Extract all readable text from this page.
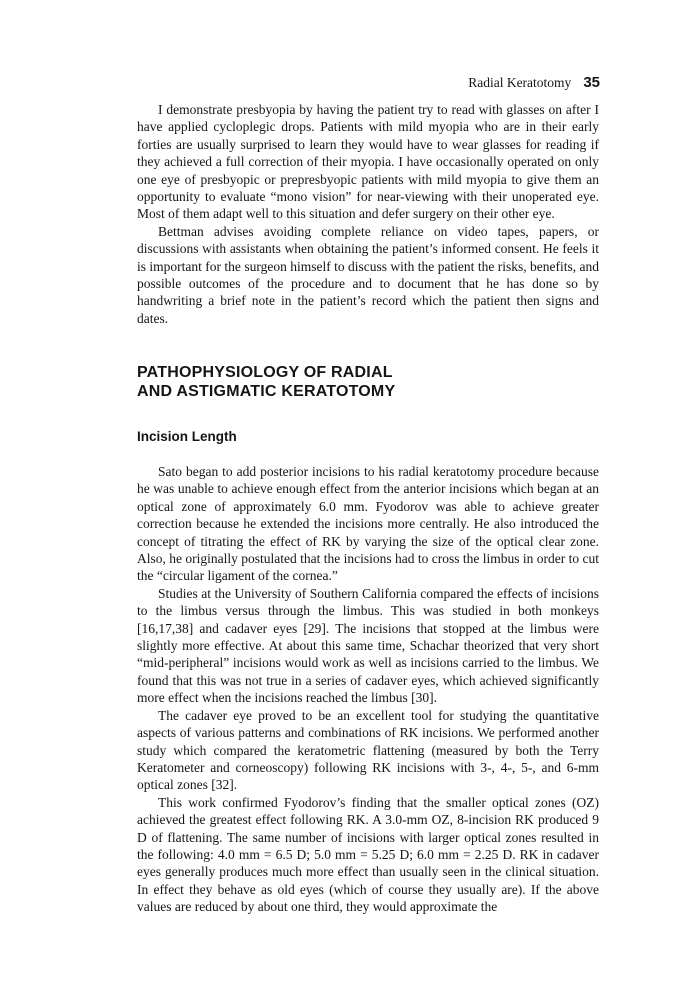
Radial Keratotomy 35

I demonstrate presbyopia by having the patient try to read with glasses on after I have applied cycloplegic drops. Patients with mild myopia who are in their early forties are usually surprised to learn they would have to wear glasses for reading if they achieved a full correction of their myopia. I have occasionally operated on only one eye of presbyopic or prepresbyopic patients with mild myopia to give them an opportunity to evaluate “mono vision” for near-viewing with their unoperated eye. Most of them adapt well to this situation and defer surgery on their other eye.

Bettman advises avoiding complete reliance on video tapes, papers, or discussions with assistants when obtaining the patient’s informed consent. He feels it is important for the surgeon himself to discuss with the patient the risks, benefits, and possible outcomes of the procedure and to document that he has done so by handwriting a brief note in the patient’s record which the patient then signs and dates.

PATHOPHYSIOLOGY OF RADIAL
AND ASTIGMATIC KERATOTOMY
Incision Length

Sato began to add posterior incisions to his radial keratotomy procedure because he was unable to achieve enough effect from the anterior incisions which began at an optical zone of approximately 6.0 mm. Fyodorov was able to achieve greater correction because he extended the incisions more centrally. He also introduced the concept of titrating the effect of RK by varying the size of the optical clear zone. Also, he originally postulated that the incisions had to cross the limbus in order to cut the “circular ligament of the cornea.”

Studies at the University of Southern California compared the effects of incisions to the limbus versus through the limbus. This was studied in both monkeys [16,17,38] and cadaver eyes [29]. The incisions that stopped at the limbus were slightly more effective. At about this same time, Schachar theorized that very short “mid-peripheral” incisions would work as well as incisions carried to the limbus. We found that this was not true in a series of cadaver eyes, which achieved significantly more effect when the incisions reached the limbus [30].

The cadaver eye proved to be an excellent tool for studying the quantitative aspects of various patterns and combinations of RK incisions. We performed another study which compared the keratometric flattening (measured by both the Terry Keratometer and corneoscopy) following RK incisions with 3-, 4-, 5-, and 6-mm optical zones [32].

This work confirmed Fyodorov’s finding that the smaller optical zones (OZ) achieved the greatest effect following RK. A 3.0-mm OZ, 8-incision RK produced 9 D of flattening. The same number of incisions with larger optical zones resulted in the following: 4.0 mm = 6.5 D; 5.0 mm = 5.25 D; 6.0 mm = 2.25 D. RK in cadaver eyes generally produces much more effect than usually seen in the clinical situation. In effect they behave as old eyes (which of course they usually are). If the above values are reduced by about one third, they would approximate the
